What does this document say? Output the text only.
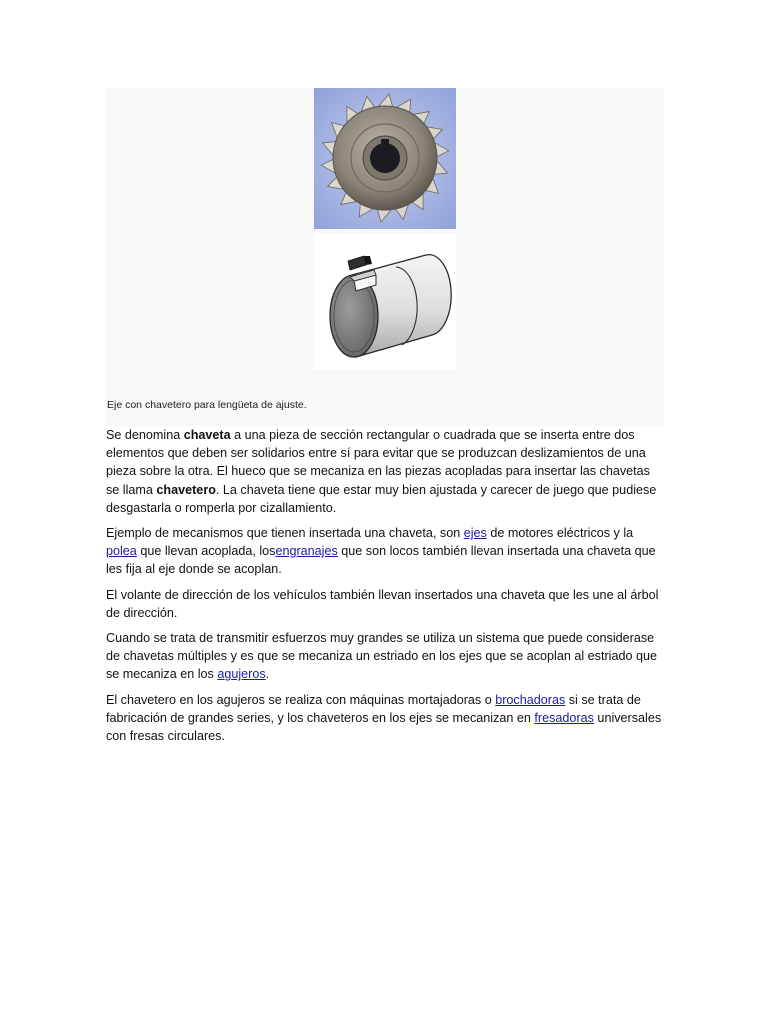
Eje con chavetero para lengüeta de ajuste.

Se denomina chaveta a una pieza de sección rectangular o cuadrada que se inserta entre dos elementos que deben ser solidarios entre sí para evitar que se produzcan deslizamientos de una pieza sobre la otra. El hueco que se mecaniza en las piezas acopladas para insertar las chavetas se llama chavetero. La chaveta tiene que estar muy bien ajustada y carecer de juego que pudiese desgastarla o romperla por cizallamiento.

Ejemplo de mecanismos que tienen insertada una chaveta, son ejes de motores eléctricos y la polea que llevan acoplada, losengranajes que son locos también llevan insertada una chaveta que les fija al eje donde se acoplan.

El volante de dirección de los vehículos también llevan insertados una chaveta que les une al árbol de dirección.

Cuando se trata de transmitir esfuerzos muy grandes se utiliza un sistema que puede considerase de chavetas múltiples y es que se mecaniza un estriado en los ejes que se acoplan al estriado que se mecaniza en los agujeros.

El chavetero en los agujeros se realiza con máquinas mortajadoras o brochadoras si se trata de fabricación de grandes series, y los chaveteros en los ejes se mecanizan en fresadoras universales con fresas circulares.
